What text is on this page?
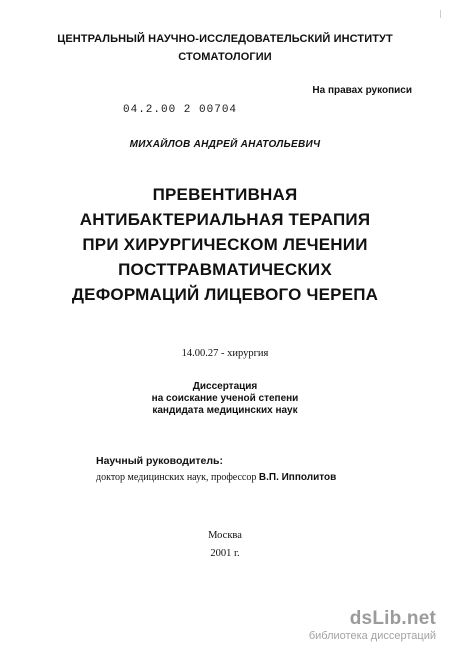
ЦЕНТРАЛЬНЫЙ НАУЧНО-ИССЛЕДОВАТЕЛЬСКИЙ ИНСТИТУТ
СТОМАТОЛОГИИ
На правах рукописи
04.2.00 2 00704
МИХАЙЛОВ АНДРЕЙ АНАТОЛЬЕВИЧ
ПРЕВЕНТИВНАЯ
АНТИБАКТЕРИАЛЬНАЯ ТЕРАПИЯ
ПРИ ХИРУРГИЧЕСКОМ ЛЕЧЕНИИ
ПОСТТРАВМАТИЧЕСКИХ
ДЕФОРМАЦИЙ ЛИЦЕВОГО ЧЕРЕПА
14.00.27 - хирургия
Диссертация
на соискание ученой степени
кандидата медицинских наук
Научный руководитель:
доктор медицинских наук, профессор В.П. Ипполитов
Москва
2001 г.
dsLib.net
библиотека диссертаций
